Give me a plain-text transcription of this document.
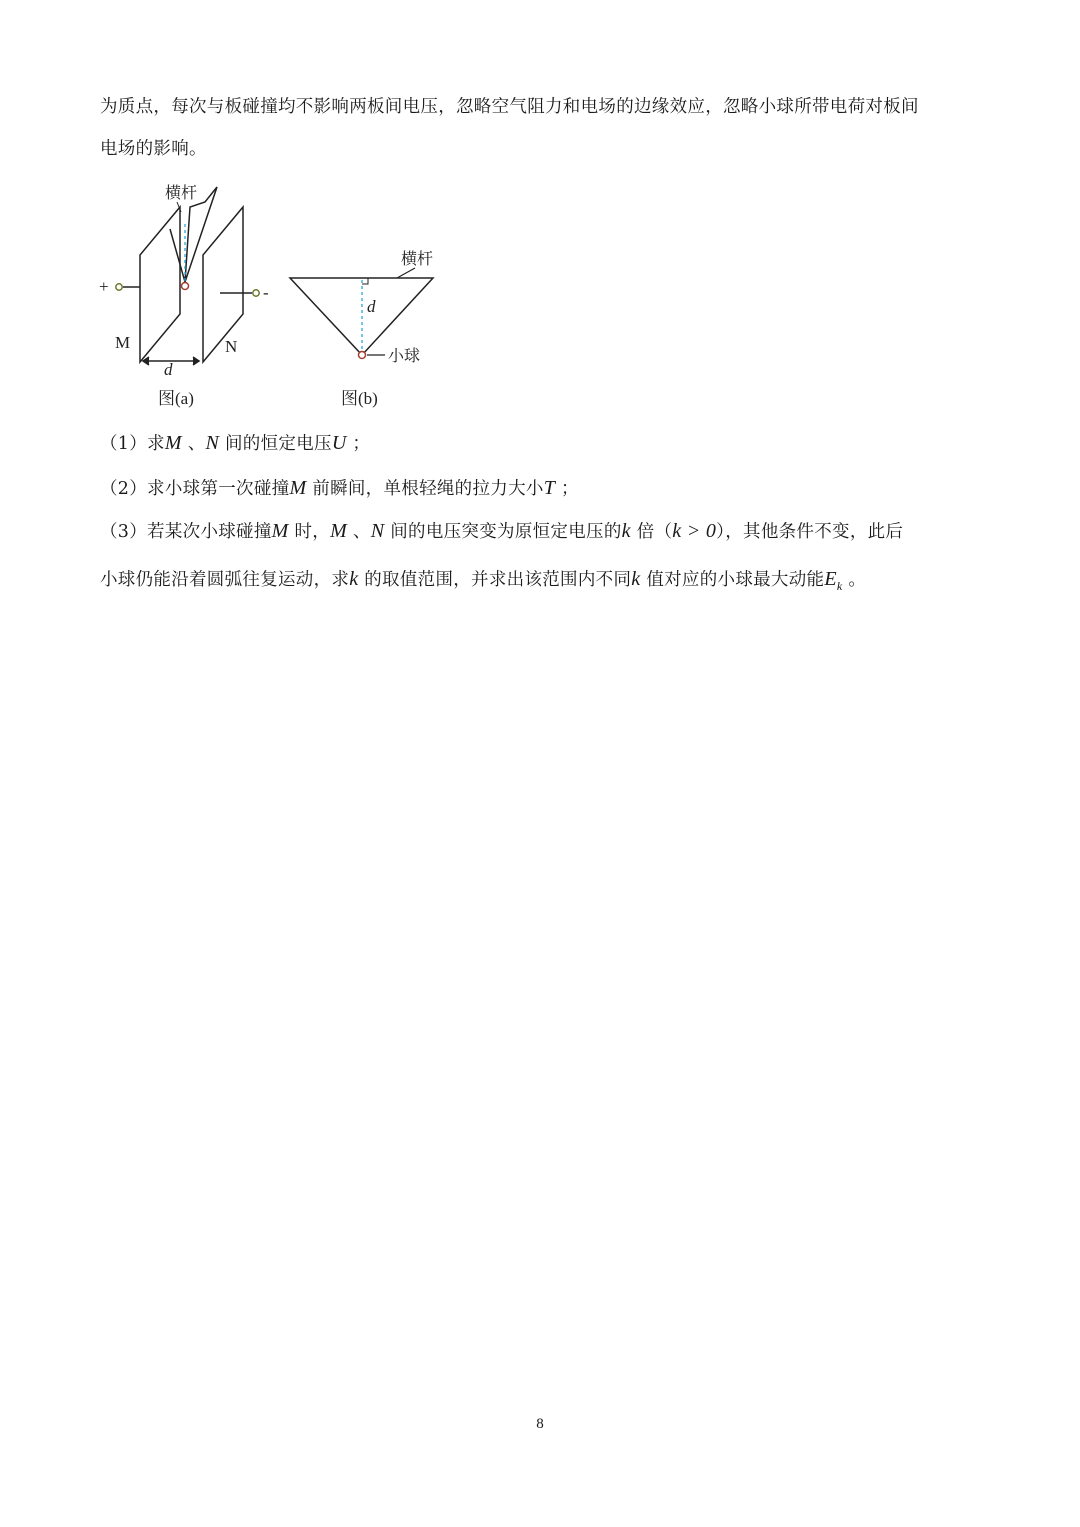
为质点，每次与板碰撞均不影响两板间电压，忽略空气阻力和电场的边缘效应，忽略小球所带电荷对板间
电场的影响。
横杆
+	-
M	N
d
图(a)
横杆
d
小球
图(b)
（1）求M 、N 间的恒定电压U ；
（2）求小球第一次碰撞M 前瞬间，单根轻绳的拉力大小T ；
（3）若某次小球碰撞M 时，M 、N 间的电压突变为原恒定电压的k 倍（k > 0），其他条件不变，此后
小球仍能沿着圆弧往复运动，求k 的取值范围，并求出该范围内不同k 值对应的小球最大动能$E_k$ 。
8
